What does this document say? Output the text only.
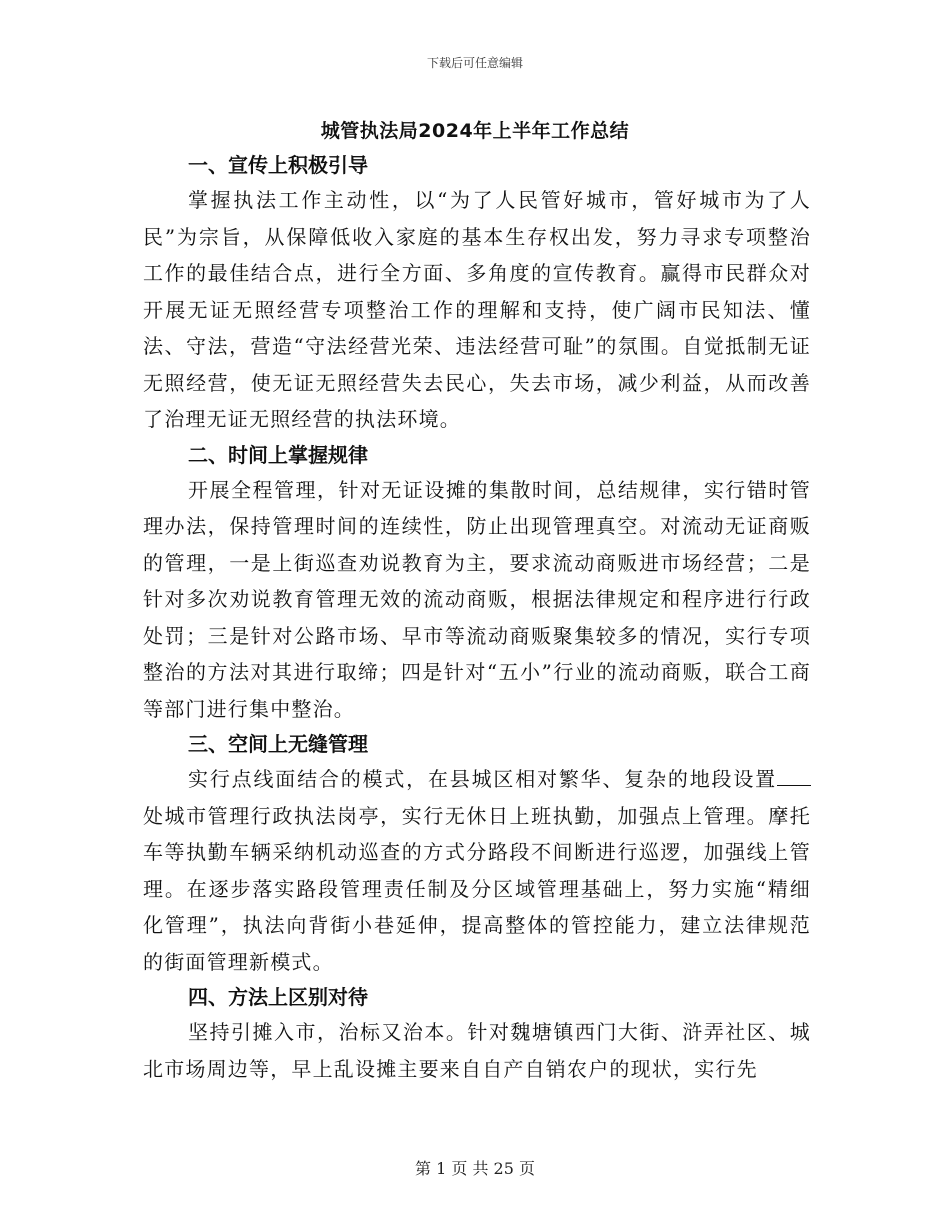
下载后可任意编辑
城管执法局2024年上半年工作总结

一、宣传上积极引导

掌握执法工作主动性，以“为了人民管好城市，管好城市为了人民”为宗旨，从保障低收入家庭的基本生存权出发，努力寻求专项整治工作的最佳结合点，进行全方面、多角度的宣传教育。赢得市民群众对开展无证无照经营专项整治工作的理解和支持，使广阔市民知法、懂法、守法，营造“守法经营光荣、违法经营可耻”的氛围。自觉抵制无证无照经营，使无证无照经营失去民心，失去市场，减少利益，从而改善了治理无证无照经营的执法环境。

二、时间上掌握规律

开展全程管理，针对无证设摊的集散时间，总结规律，实行错时管理办法，保持管理时间的连续性，防止出现管理真空。对流动无证商贩的管理，一是上街巡查劝说教育为主，要求流动商贩进市场经营；二是针对多次劝说教育管理无效的流动商贩，根据法律规定和程序进行行政处罚；三是针对公路市场、早市等流动商贩聚集较多的情况，实行专项整治的方法对其进行取缔；四是针对“五小”行业的流动商贩，联合工商等部门进行集中整治。

三、空间上无缝管理

实行点线面结合的模式，在县城区相对繁华、复杂的地段设置处城市管理行政执法岗亭，实行无休日上班执勤，加强点上管理。摩托车等执勤车辆采纳机动巡查的方式分路段不间断进行巡逻，加强线上管理。在逐步落实路段管理责任制及分区域管理基础上，努力实施“精细化管理”，执法向背街小巷延伸，提高整体的管控能力，建立法律规范的街面管理新模式。

四、方法上区别对待

坚持引摊入市，治标又治本。针对魏塘镇西门大街、浒弄社区、城北市场周边等，早上乱设摊主要来自自产自销农户的现状，实行先

第 1 页 共 25 页
